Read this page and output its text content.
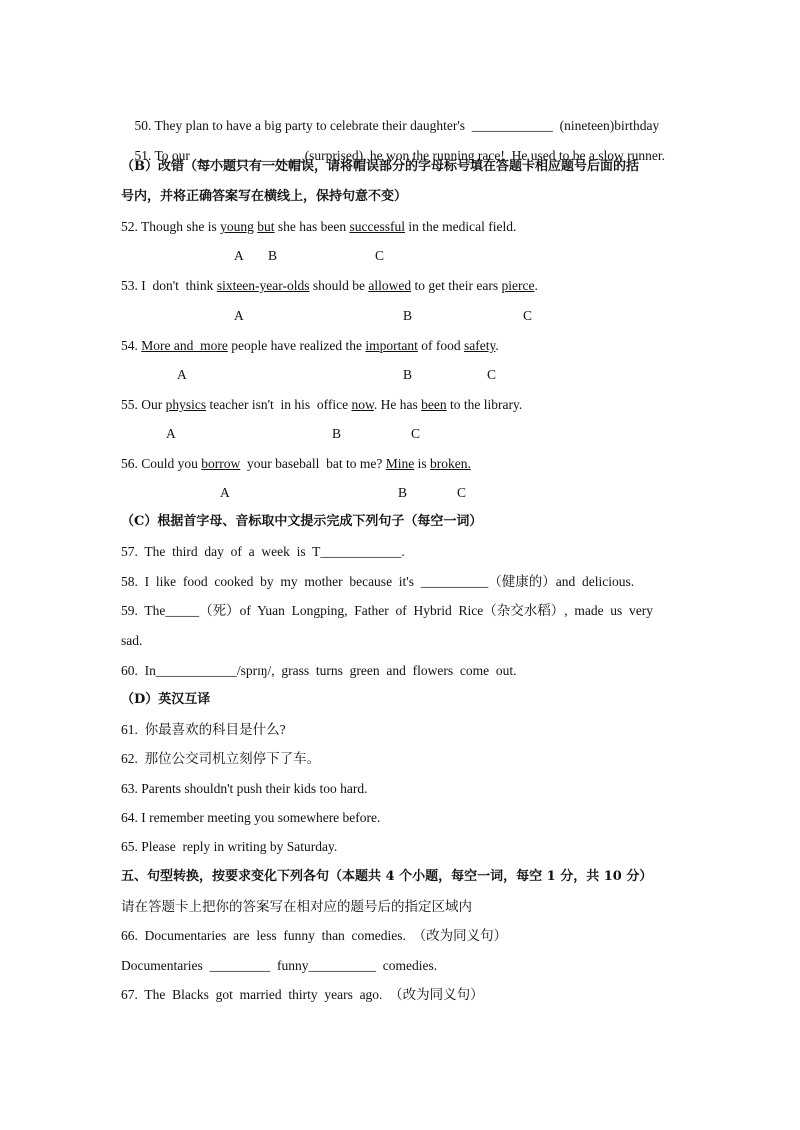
50. They plan to have a big party to celebrate their daughter's ____________ (nineteen)birthday

51. To our ________________(surprised), he won the running race!  He used to be a slow runner.

（B）改错（每小题只有一处帽误，请将帽误部分的字母标号填在答题卡相应题号后面的括
号内，并将正确答案写在横线上，保持句意不变）
52. Though she is young but she has been successful in the medical field.
A B	C
53. I  don't  think sixteen-year-olds should be allowed to get their ears pierce.
A	B	C
54. More and  more people have realized the important of food safety.
A	B	C
55. Our physics teacher isn't  in his  office now. He has been to the library.
A	B	C
56. Could you borrow  your baseball  bat to me? Mine is broken.
A	B	C
（C）根据首字母、音标取中文提示完成下列句子（每空一词）
57.  The  third  day  of  a  week  is  T____________.
58.  I  like  food  cooked  by  my  mother  because  it's  __________（健康的）and  delicious.
59.  The_____（死）of  Yuan  Longping,  Father  of  Hybrid  Rice（杂交水稻）,  made  us  very
sad.
60.  In____________/sprɪŋ/,  grass  turns  green  and  flowers  come  out.
（D）英汉互译
61.  你最喜欢的科目是什么?
62.  那位公交司机立刻停下了车。
63. Parents shouldn't push their kids too hard.
64. I remember meeting you somewhere before.
65. Please  reply in writing by Saturday.
五、句型转换，按要求变化下列各句（本题共 4 个小题，每空一词，每空 1 分，共 10 分）
请在答题卡上把你的答案写在相对应的题号后的指定区域内
66.  Documentaries  are  less  funny  than  comedies.  （改为同义句）
Documentaries  _________  funny__________  comedies.
67.  The  Blacks  got  married  thirty  years  ago.  （改为同义句）
